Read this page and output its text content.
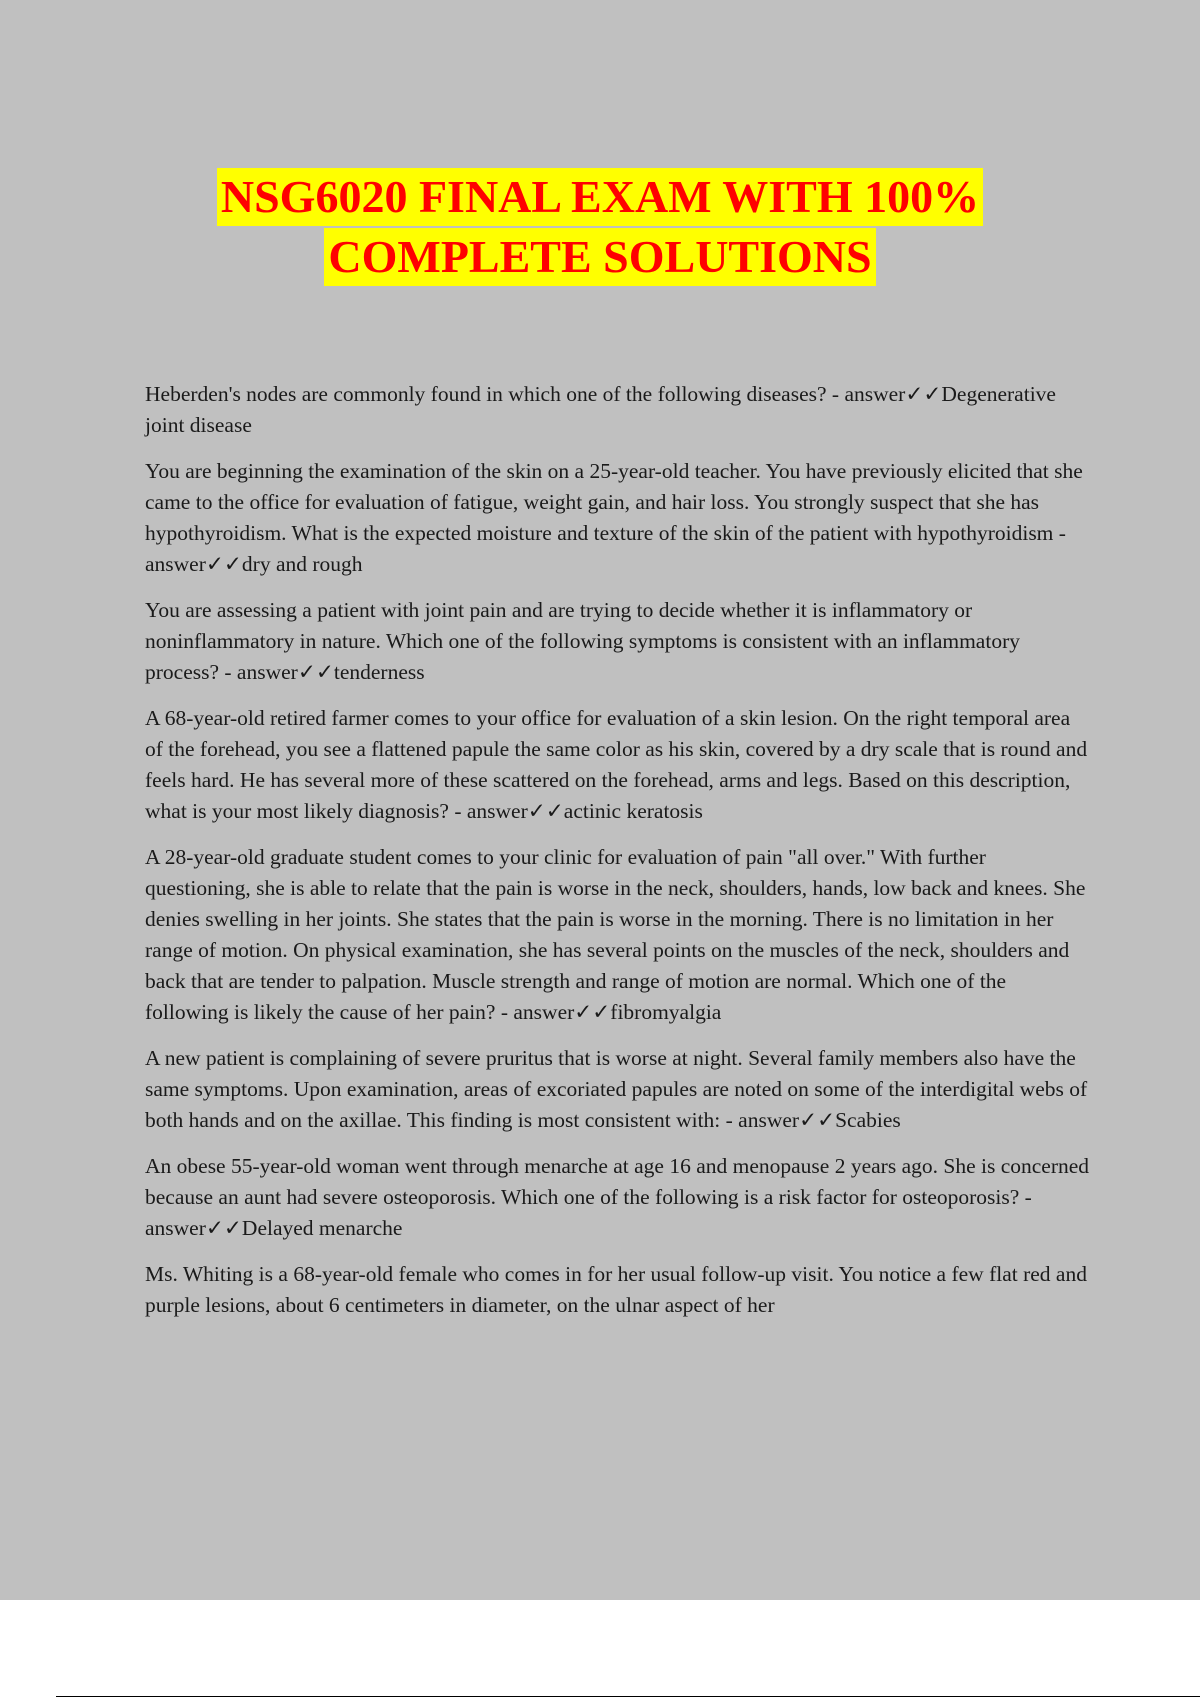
NSG6020 FINAL EXAM WITH 100%
COMPLETE SOLUTIONS

Heberden's nodes are commonly found in which one of the following diseases? - answer✓✓Degenerative joint disease

You are beginning the examination of the skin on a 25-year-old teacher. You have previously elicited that she came to the office for evaluation of fatigue, weight gain, and hair loss. You strongly suspect that she has hypothyroidism. What is the expected moisture and texture of the skin of the patient with hypothyroidism - answer✓✓dry and rough

You are assessing a patient with joint pain and are trying to decide whether it is inflammatory or noninflammatory in nature. Which one of the following symptoms is consistent with an inflammatory process? - answer✓✓tenderness

A 68-year-old retired farmer comes to your office for evaluation of a skin lesion. On the right temporal area of the forehead, you see a flattened papule the same color as his skin, covered by a dry scale that is round and feels hard. He has several more of these scattered on the forehead, arms and legs. Based on this description, what is your most likely diagnosis? - answer✓✓actinic keratosis

A 28-year-old graduate student comes to your clinic for evaluation of pain "all over." With further questioning, she is able to relate that the pain is worse in the neck, shoulders, hands, low back and knees. She denies swelling in her joints. She states that the pain is worse in the morning. There is no limitation in her range of motion. On physical examination, she has several points on the muscles of the neck, shoulders and back that are tender to palpation. Muscle strength and range of motion are normal. Which one of the following is likely the cause of her pain? - answer✓✓fibromyalgia

A new patient is complaining of severe pruritus that is worse at night. Several family members also have the same symptoms. Upon examination, areas of excoriated papules are noted on some of the interdigital webs of both hands and on the axillae. This finding is most consistent with: - answer✓✓Scabies

An obese 55-year-old woman went through menarche at age 16 and menopause 2 years ago. She is concerned because an aunt had severe osteoporosis. Which one of the following is a risk factor for osteoporosis? - answer✓✓Delayed menarche

Ms. Whiting is a 68-year-old female who comes in for her usual follow-up visit. You notice a few flat red and purple lesions, about 6 centimeters in diameter, on the ulnar aspect of her
